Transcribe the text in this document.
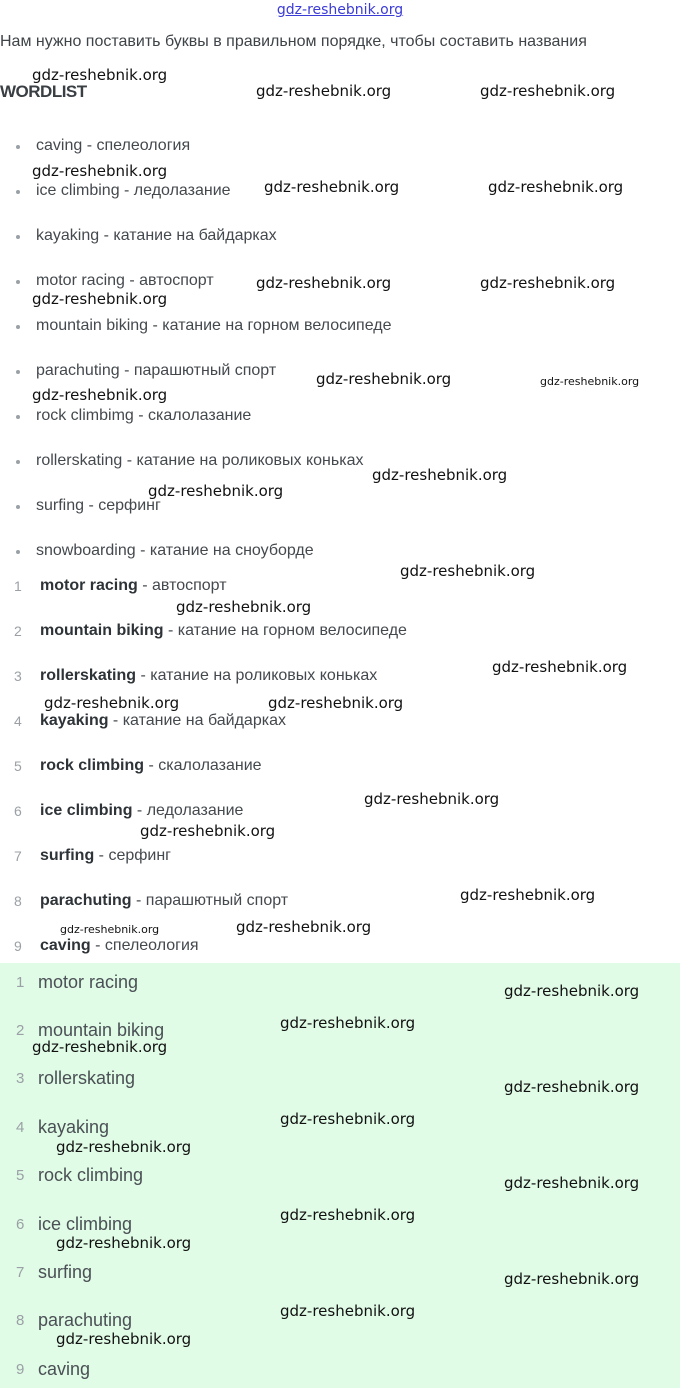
gdz-reshebnik.org
Нам нужно поставить буквы в правильном порядке, чтобы составить названия
WORDLIST
caving - спелеология
ice climbing - ледолазание
kayaking - катание на байдарках
motor racing - автоспорт
mountain biking - катание на горном велосипеде
parachuting - парашютный спорт
rock climbimg - скалолазание
rollerskating - катание на роликовых коньках
surfing - серфинг
snowboarding - катание на сноуборде
1 motor racing - автоспорт
2 mountain biking - катание на горном велосипеде
3 rollerskating - катание на роликовых коньках
4 kayaking - катание на байдарках
5 rock climbing - скалолазание
6 ice climbing - ледолазание
7 surfing - серфинг
8 parachuting - парашютный спорт
9 caving - спелеология
1 motor racing
2 mountain biking
3 rollerskating
4 kayaking
5 rock climbing
6 ice climbing
7 surfing
8 parachuting
9 caving
gdz-reshebnik.org
gdz-reshebnik.org	gdz-reshebnik.org
gdz-reshebnik.org
gdz-reshebnik.org	gdz-reshebnik.org
gdz-reshebnik.org	gdz-reshebnik.org
gdz-reshebnik.org
gdz-reshebnik.org	gdz-reshebnik.org
gdz-reshebnik.org
gdz-reshebnik.org
gdz-reshebnik.org
gdz-reshebnik.org
gdz-reshebnik.org
gdz-reshebnik.org
gdz-reshebnik.org	gdz-reshebnik.org
gdz-reshebnik.org
gdz-reshebnik.org
gdz-reshebnik.org
gdz-reshebnik.org	gdz-reshebnik.org
gdz-reshebnik.org
gdz-reshebnik.org
gdz-reshebnik.org
gdz-reshebnik.org
gdz-reshebnik.org
gdz-reshebnik.org
gdz-reshebnik.org
gdz-reshebnik.org
gdz-reshebnik.org
gdz-reshebnik.org
gdz-reshebnik.org
gdz-reshebnik.org
